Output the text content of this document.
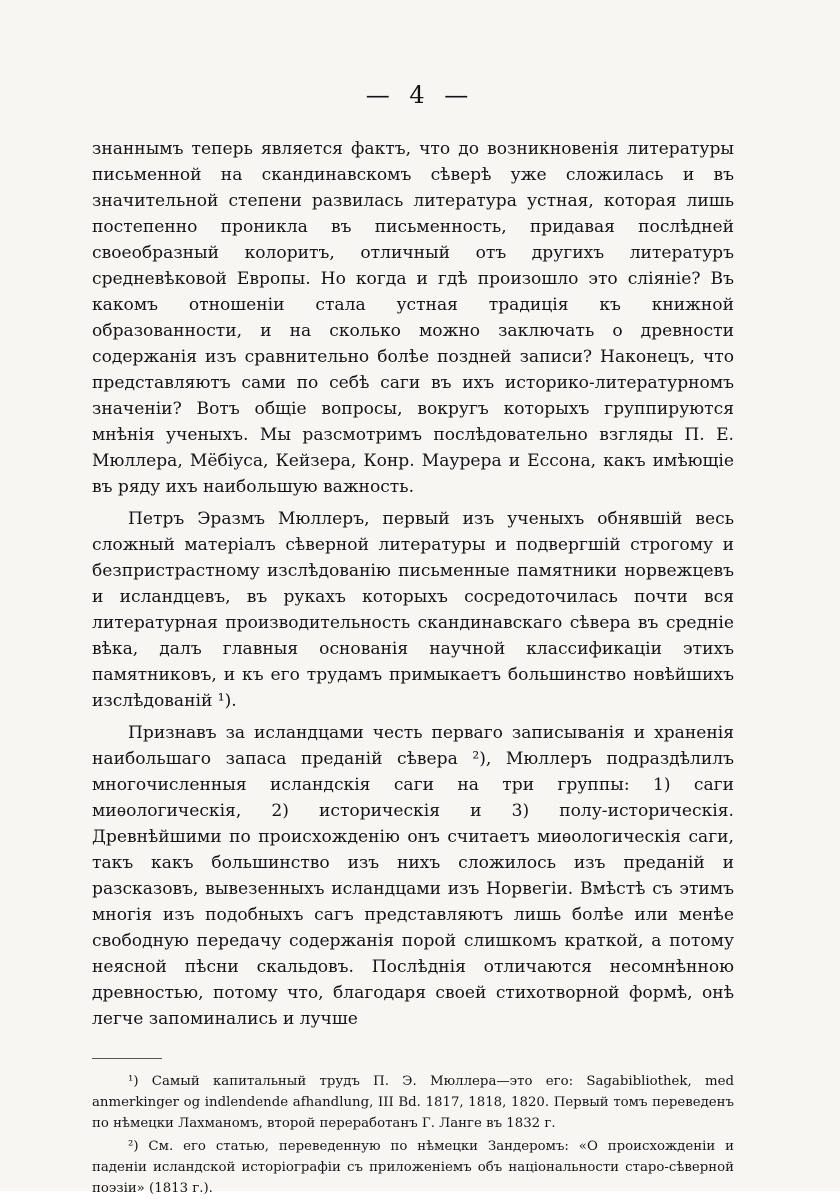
— 4 —

знаннымъ теперь является фактъ, что до возникновенія литературы письменной на скандинавскомъ сѣверѣ уже сложилась и въ значительной степени развилась литература устная, которая лишь постепенно проникла въ письменность, придавая послѣдней своеобразный колоритъ, отличный отъ другихъ литературъ средневѣковой Европы. Но когда и гдѣ произошло это сліяніе? Въ какомъ отношеніи стала устная традиція къ книжной образованности, и на сколько можно заключать о древности содержанія изъ сравнительно болѣе поздней записи? Наконецъ, что представляютъ сами по себѣ саги въ ихъ историко-литературномъ значеніи? Вотъ общіе вопросы, вокругъ которыхъ группируются мнѣнія ученыхъ. Мы разсмотримъ послѣдовательно взгляды П. Е. Мюллера, Мёбіуса, Кейзера, Конр. Маурера и Ессона, какъ имѣющіе въ ряду ихъ наибольшую важность.

Петръ Эразмъ Мюллеръ, первый изъ ученыхъ обнявшій весь сложный матеріалъ сѣверной литературы и подвергшій строгому и безпристрастному изслѣдованію письменные памятники норвежцевъ и исландцевъ, въ рукахъ которыхъ сосредоточилась почти вся литературная производительность скандинавскаго сѣвера въ средніе вѣка, далъ главныя основанія научной классификаціи этихъ памятниковъ, и къ его трудамъ примыкаетъ большинство новѣйшихъ изслѣдованій ¹).

Признавъ за исландцами честь перваго записыванія и храненія наибольшаго запаса преданій сѣвера ²), Мюллеръ подраздѣлилъ многочисленныя исландскія саги на три группы: 1) саги миѳологическія, 2) историческія и 3) полу-историческія. Древнѣйшими по происхожденію онъ считаетъ миѳологическія саги, такъ какъ большинство изъ нихъ сложилось изъ преданій и разсказовъ, вывезенныхъ исландцами изъ Норвегіи. Вмѣстѣ съ этимъ многія изъ подобныхъ сагъ представляютъ лишь болѣе или менѣе свободную передачу содержанія порой слишкомъ краткой, а потому неясной пѣсни скальдовъ. Послѣднія отличаются несомнѣнною древностью, потому что, благодаря своей стихотворной формѣ, онѣ легче запоминались и лучше

¹) Самый капитальный трудъ П. Э. Мюллера—это его: Sagabibliothek, med anmerkinger og indlendende afhandlung, III Bd. 1817, 1818, 1820. Первый томъ переведенъ по нѣмецки Лахманомъ, второй переработанъ Г. Ланге въ 1832 г.

²) См. его статью, переведенную по нѣмецки Зандеромъ: «О происхожденіи и паденіи исландской исторіографіи съ приложеніемъ объ національности старо-сѣверной поэзіи» (1813 г.).
